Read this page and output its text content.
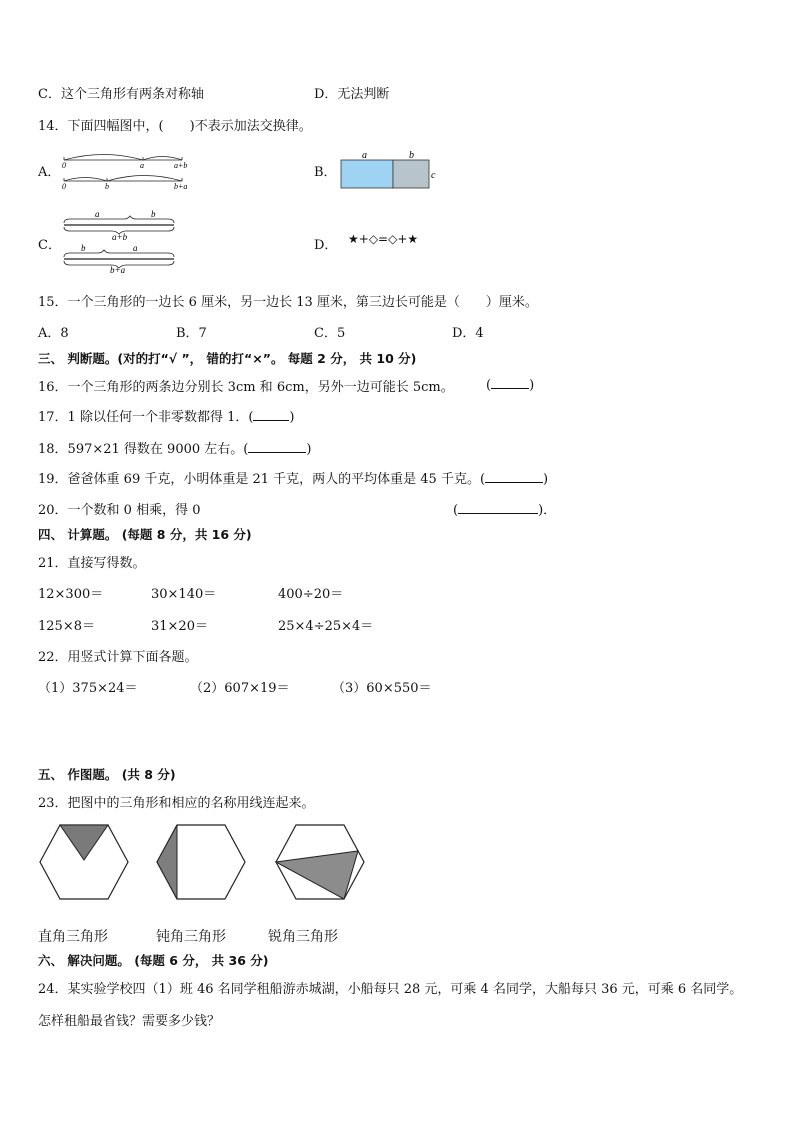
C．这个三角形有两条对称轴	D．无法判断
14．下面四幅图中，( )不表示加法交换律。
A． 0	a	a+b
0	b	b+a
B．
a	b
c
C．
a	b
a+b
b	a
b+a
D． ★+◇=◇+★
15．一个三角形的一边长 6 厘米，另一边长 13 厘米，第三边长可能是（ ）厘米。
A．8	B．7	C．5	D．4
三、 判断题。(对的打“√ ”， 错的打“×”。 每题 2 分， 共 10 分)
16．一个三角形的两条边分别长 3cm 和 6cm，另外一边可能长 5cm。 (	)
17．1 除以任何一个非零数都得 1．(	)
18．597×21 得数在 9000 左右。(	)
19．爸爸体重 69 千克，小明体重是 21 千克，两人的平均体重是 45 千克。(	)
20．一个数和 0 相乘，得 0	(	)．
四、 计算题。 (每题 8 分，共 16 分)
21．直接写得数。
12×300＝	30×140＝	400÷20＝
125×8＝	31×20＝	25×4÷25×4＝
22．用竖式计算下面各题。
（1）375×24＝	（2）607×19＝	（3）60×550＝
五、 作图题。 (共 8 分)
23．把图中的三角形和相应的名称用线连起来。
直角三角形	钝角三角形	锐角三角形
六、 解决问题。 (每题 6 分， 共 36 分)
24．某实验学校四（1）班 46 名同学租船游赤城湖，小船每只 28 元，可乘 4 名同学，大船每只 36 元，可乘 6 名同学。
怎样租船最省钱？需要多少钱？
